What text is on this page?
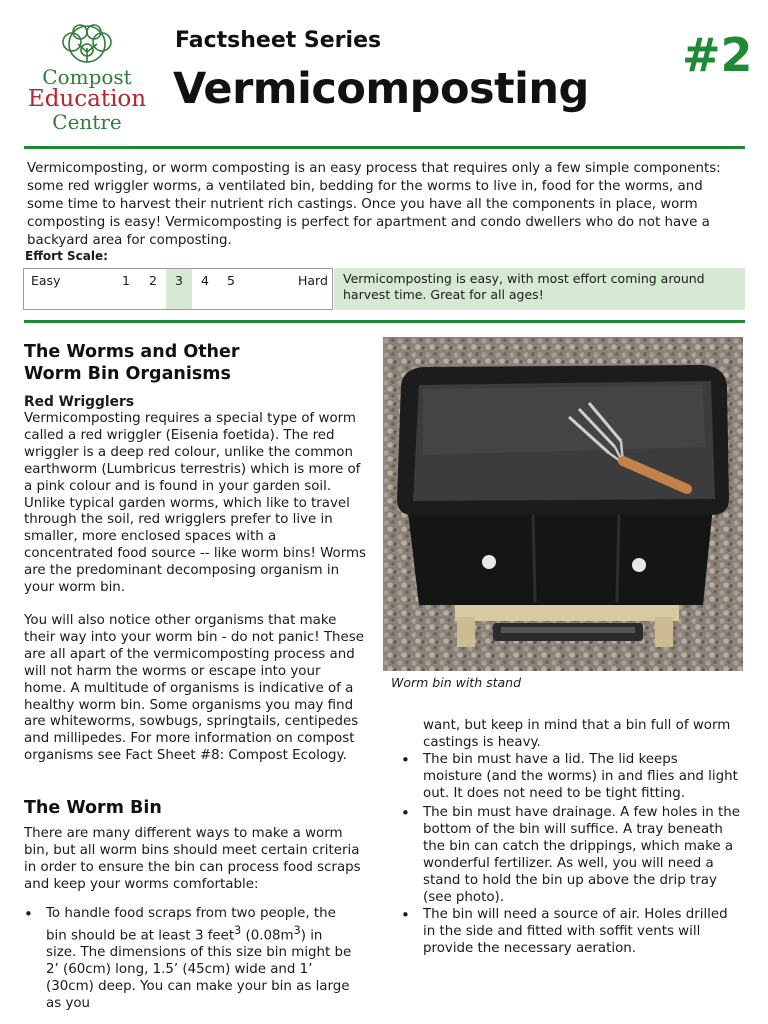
Compost
Education
Centre
Factsheet Series
Vermicomposting
#2
Vermicomposting, or worm composting is an easy process that requires only a few simple components: some red wriggler worms, a ventilated bin, bedding for the worms to live in, food for the worms, and some time to harvest their nutrient rich castings. Once you have all the components in place, worm composting is easy! Vermicomposting is perfect for apartment and condo dwellers who do not have a backyard area for composting.
Effort Scale:
Easy	1 2 3 4 5	Hard	Vermicomposting is easy, with most effort coming around harvest time. Great for all ages!
The Worms and Other Worm Bin Organisms
Red Wrigglers
Vermicomposting requires a special type of worm called a red wriggler (Eisenia foetida). The red wriggler is a deep red colour, unlike the common earthworm (Lumbricus terrestris) which is more of a pink colour and is found in your garden soil. Unlike typical garden worms, which like to travel through the soil, red wrigglers prefer to live in smaller, more enclosed spaces with a concentrated food source -- like worm bins! Worms are the predominant decomposing organism in your worm bin.
You will also notice other organisms that make their way into your worm bin - do not panic! These are all apart of the vermicomposting process and will not harm the worms or escape into your home. A multitude of organisms is indicative of a healthy worm bin. Some organisms you may find are whiteworms, sowbugs, springtails, centipedes and millipedes. For more information on compost organisms see Fact Sheet #8: Compost Ecology.
The Worm Bin
There are many different ways to make a worm bin, but all worm bins should meet certain criteria in order to ensure the bin can process food scraps and keep your worms comfortable:
• To handle food scraps from two people, the bin should be at least 3 feet$^3$ $(0.08m^3)$ in size. The dimensions of this size bin might be 2’ (60cm) long, 1.5’ (45cm) wide and 1’ (30cm) deep. You can make your bin as large as you
Worm bin with stand
want, but keep in mind that a bin full of worm castings is heavy.
• The bin must have a lid. The lid keeps moisture (and the worms) in and flies and light out. It does not need to be tight fitting.
• The bin must have drainage. A few holes in the bottom of the bin will suffice. A tray beneath the bin can catch the drippings, which make a wonderful fertilizer. As well, you will need a stand to hold the bin up above the drip tray (see photo).
• The bin will need a source of air. Holes drilled in the side and fitted with soffit vents will provide the necessary aeration.
